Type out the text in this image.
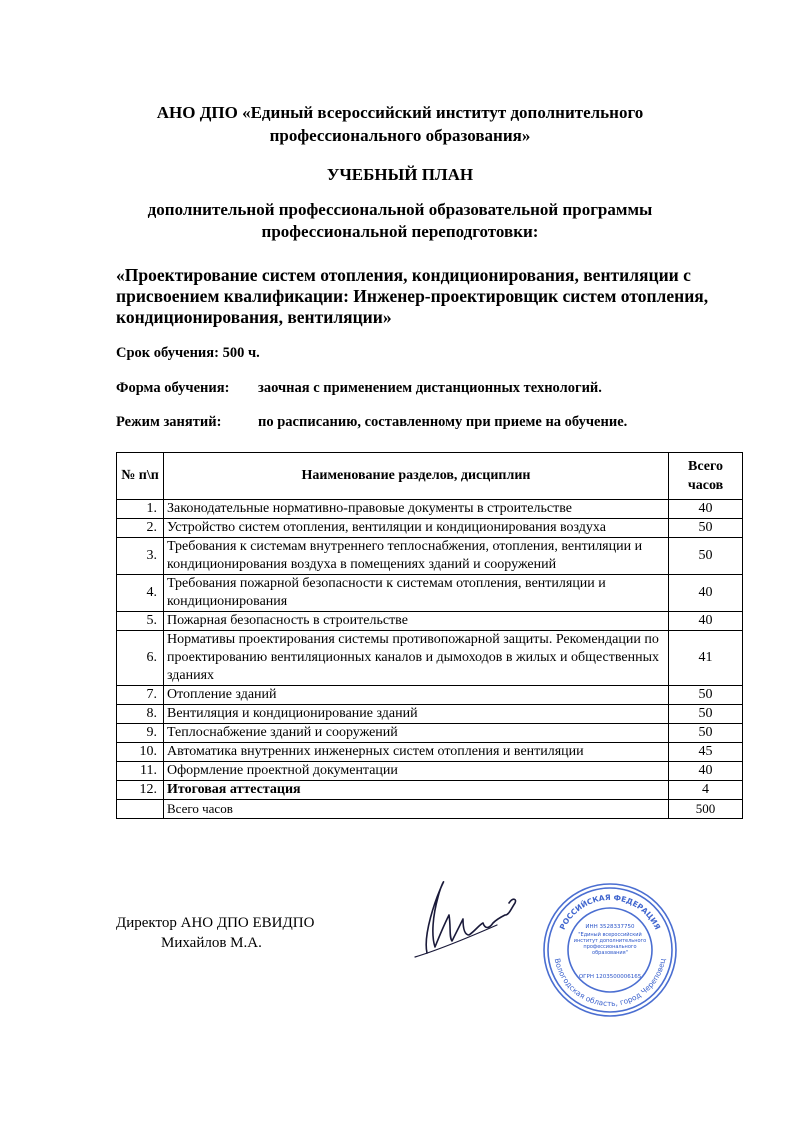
АНО ДПО «Единый всероссийский институт дополнительного
профессионального образования»
УЧЕБНЫЙ ПЛАН
дополнительной профессиональной образовательной программы
профессиональной переподготовки:
«Проектирование систем отопления, кондиционирования, вентиляции с присвоением квалификации: Инженер-проектировщик систем отопления, кондиционирования, вентиляции»
Срок обучения: 500 ч.
Форма обучения: заочная с применением дистанционных технологий.
Режим занятий:	по расписанию, составленному при приеме на обучение.
№ п\п	Наименование разделов, дисциплин	Всего
часов

1.	Законодательные нормативно-правовые документы в строительстве	40
2.	Устройство систем отопления, вентиляции и кондиционирования воздуха	50
3.	Требования к системам внутреннего теплоснабжения, отопления, вентиляции и кондиционирования воздуха в помещениях зданий и сооружений	50
4.	Требования пожарной безопасности к системам отопления, вентиляции и кондиционирования	40
5.	Пожарная безопасность в строительстве	40
6.	Нормативы проектирования системы противопожарной защиты. Рекомендации по проектированию вентиляционных каналов и дымоходов в жилых и общественных зданиях	41
7.	Отопление зданий	50
8.	Вентиляция и кондиционирование зданий	50
9.	Теплоснабжение зданий и сооружений	50
10.	Автоматика внутренних инженерных систем отопления и вентиляции	45
11.	Оформление проектной документации	40
12.	Итоговая аттестация	4
	Всего часов	500
Директор АНО ДПО ЕВИДПО
Михайлов М.А.
РОССИЙСКАЯ ФЕДЕРАЦИЯ
Вологодская область, город Череповец
ИНН 3528337750
"Единый всероссийский институт дополнительного профессионального образования"
ОГРН 1203500006165
